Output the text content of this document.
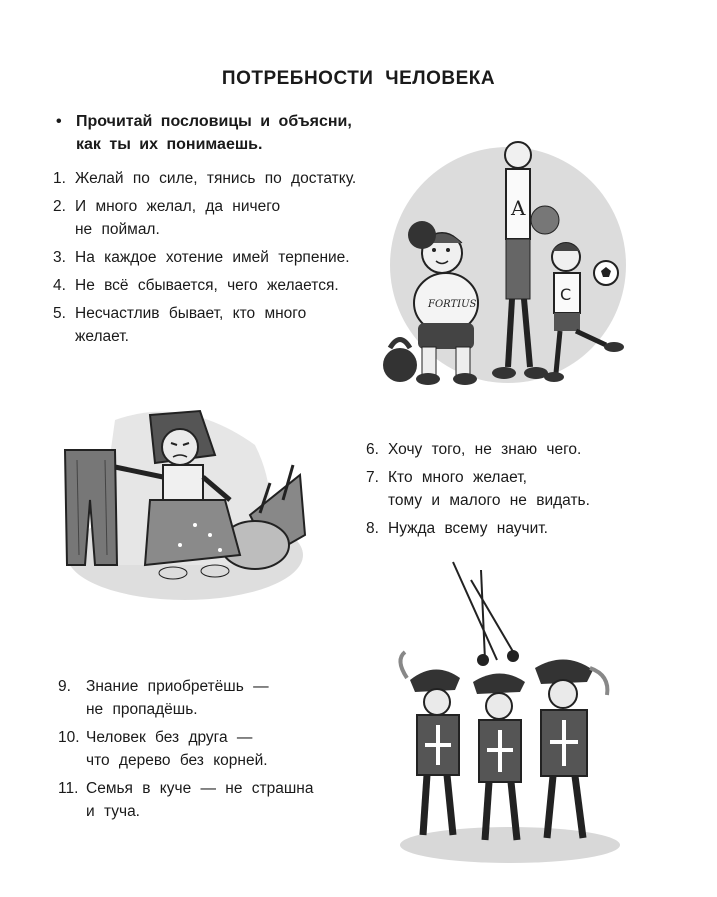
ПОТРЕБНОСТИ ЧЕЛОВЕКА
• Прочитай пословицы и объясни,
как ты их понимаешь.
1. Желай по силе, тянись по достатку.
2. И много желал, да ничего
не поймал.
3. На каждое хотение имей терпение.
4. Не всё сбывается, чего желается.
5. Несчастлив бывает, кто много
желает.
6. Хочу того, не знаю чего.
7. Кто много желает,
тому и малого не видать.
8. Нужда всему научит.
9. Знание приобретёшь —
не пропадёшь.
10. Человек без друга —
что дерево без корней.
11. Семья в куче — не страшна
и туча.
FORTIUS
A
C
